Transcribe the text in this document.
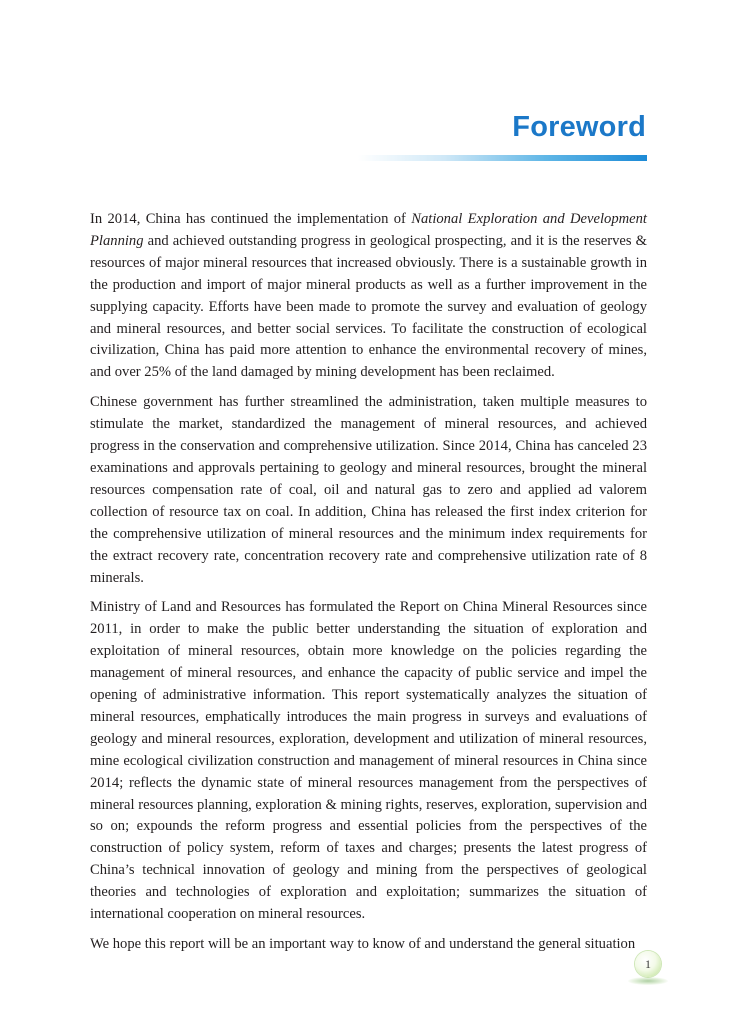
Foreword

In 2014, China has continued the implementation of National Exploration and Development Planning and achieved outstanding progress in geological prospecting, and it is the reserves & resources of major mineral resources that increased obviously. There is a sustainable growth in the production and import of major mineral products as well as a further improvement in the supplying capacity. Efforts have been made to promote the survey and evaluation of geology and mineral resources, and better social services. To facilitate the construction of ecological civilization, China has paid more attention to enhance the environmental recovery of mines, and over 25% of the land damaged by mining development has been reclaimed.

Chinese government has further streamlined the administration, taken multiple measures to stimulate the market, standardized the management of mineral resources, and achieved progress in the conservation and comprehensive utilization. Since 2014, China has canceled 23 examinations and approvals pertaining to geology and mineral resources, brought the mineral resources compensation rate of coal, oil and natural gas to zero and applied ad valorem collection of resource tax on coal. In addition, China has released the first index criterion for the comprehensive utilization of mineral resources and the minimum index requirements for the extract recovery rate, concentration recovery rate and comprehensive utilization rate of 8 minerals.

Ministry of Land and Resources has formulated the Report on China Mineral Resources since 2011, in order to make the public better understanding the situation of exploration and exploitation of mineral resources, obtain more knowledge on the policies regarding the management of mineral resources, and enhance the capacity of public service and impel the opening of administrative information. This report systematically analyzes the situation of mineral resources, emphatically introduces the main progress in surveys and evaluations of geology and mineral resources, exploration, development and utilization of mineral resources, mine ecological civilization construction and management of mineral resources in China since 2014; reflects the dynamic state of mineral resources management from the perspectives of mineral resources planning, exploration & mining rights, reserves, exploration, supervision and so on; expounds the reform progress and essential policies from the perspectives of the construction of policy system, reform of taxes and charges; presents the latest progress of China’s technical innovation of geology and mining from the perspectives of geological theories and technologies of exploration and exploitation; summarizes the situation of international cooperation on mineral resources.

We hope this report will be an important way to know of and understand the general situation

1
